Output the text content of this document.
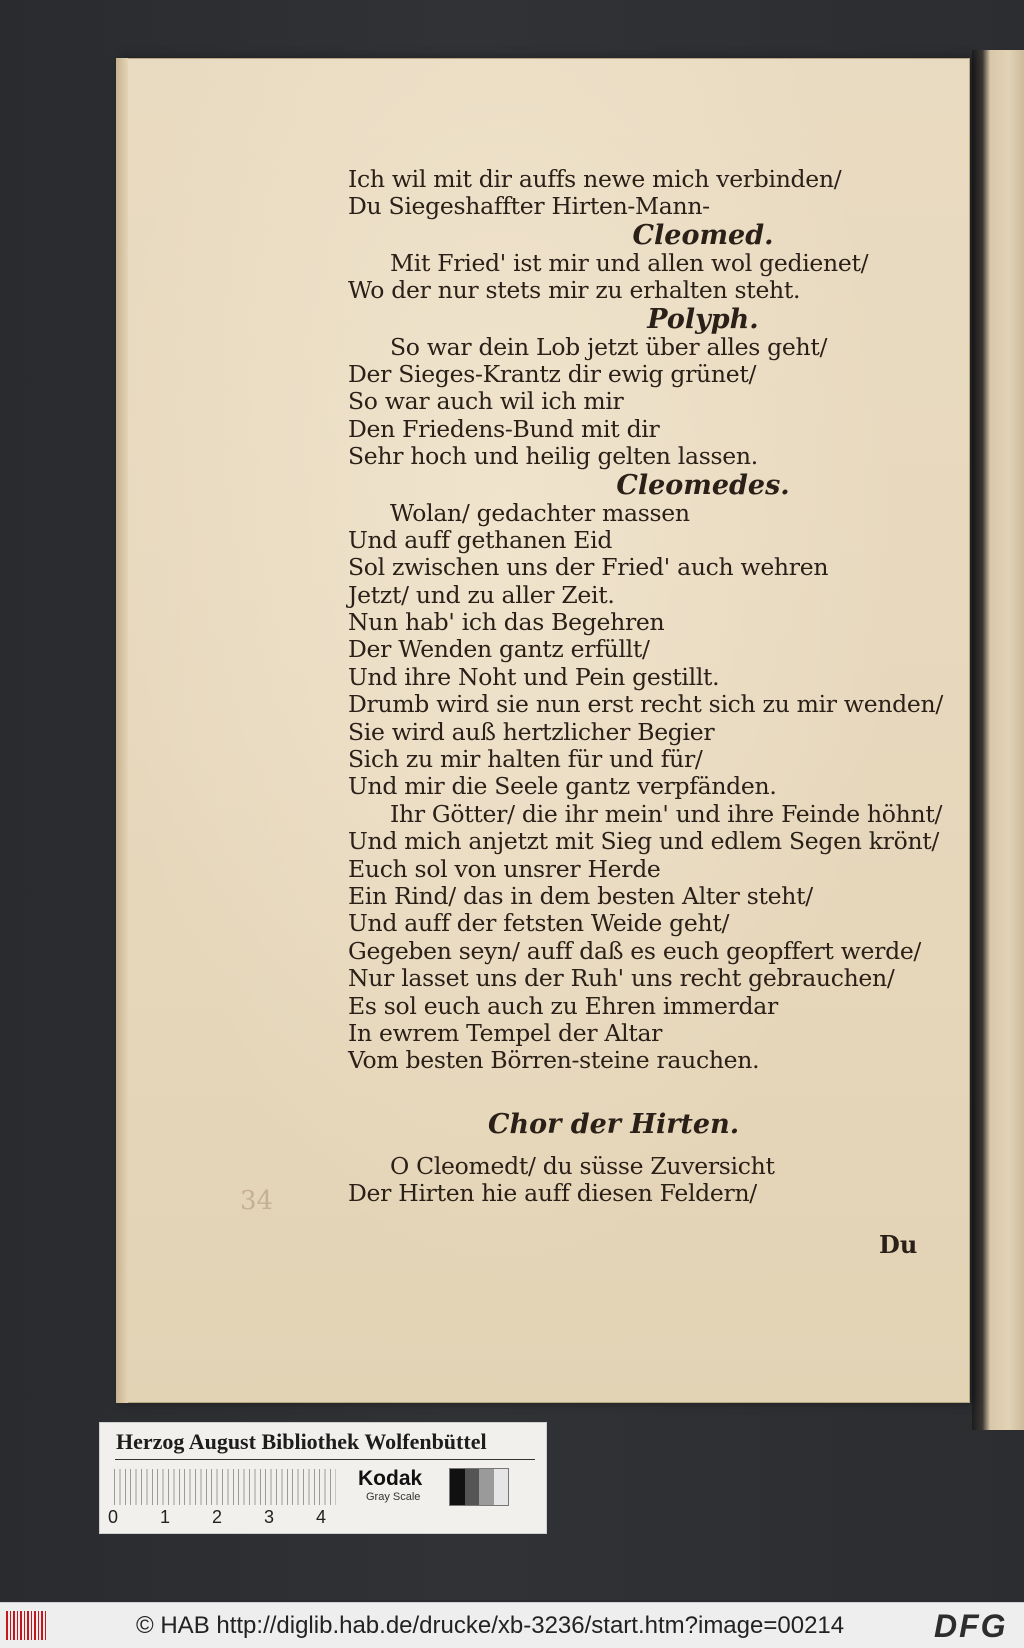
34
Ich wil mit dir auffs newe mich verbinden/
Du Siegeshaffter Hirten-Mann-
Cleomed.
Mit Fried' ist mir und allen wol gedienet/
Wo der nur stets mir zu erhalten steht.
Polyph.
So war dein Lob jetzt über alles geht/
Der Sieges-Krantz dir ewig grünet/
So war auch wil ich mir
Den Friedens-Bund mit dir
Sehr hoch und heilig gelten lassen.
Cleomedes.
Wolan/ gedachter massen
Und auff gethanen Eid
Sol zwischen uns der Fried' auch wehren
Jetzt/ und zu aller Zeit.
Nun hab' ich das Begehren
Der Wenden gantz erfüllt/
Und ihre Noht und Pein gestillt.
Drumb wird sie nun erst recht sich zu mir wenden/
Sie wird auß hertzlicher Begier
Sich zu mir halten für und für/
Und mir die Seele gantz verpfänden.
Ihr Götter/ die ihr mein' und ihre Feinde höhnt/
Und mich anjetzt mit Sieg und edlem Segen krönt/
Euch sol von unsrer Herde
Ein Rind/ das in dem besten Alter steht/
Und auff der fetsten Weide geht/
Gegeben seyn/ auff daß es euch geopffert werde/
Nur lasset uns der Ruh' uns recht gebrauchen/
Es sol euch auch zu Ehren immerdar
In ewrem Tempel der Altar
Vom besten Börren-steine rauchen.
Chor der Hirten.
O Cleomedt/ du süsse Zuversicht
Der Hirten hie auff diesen Feldern/
Du
Herzog August Bibliothek Wolfenbüttel
0 1 2 3 4
Kodak
Gray Scale
© HAB http://diglib.hab.de/drucke/xb-3236/start.htm?image=00214	DFG
